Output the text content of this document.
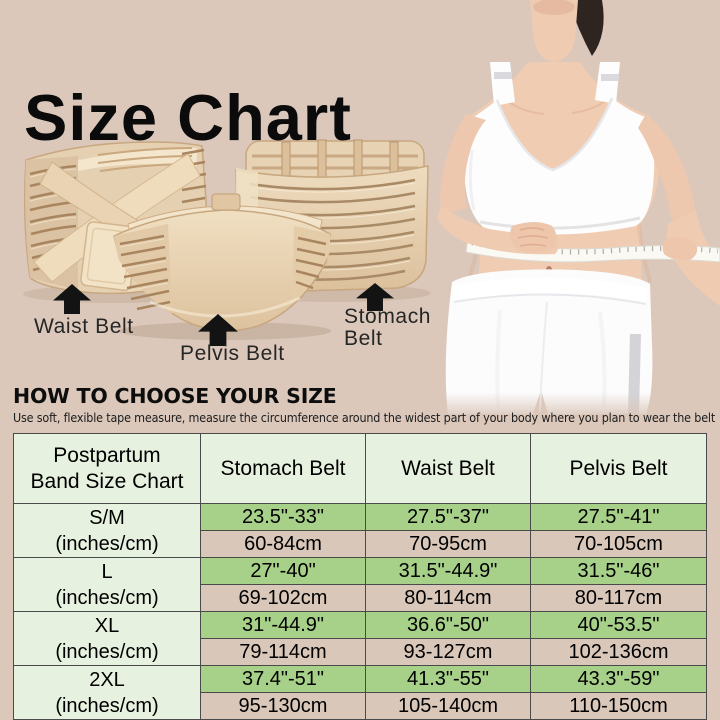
Size Chart
Waist Belt
Pelvis Belt
Stomach Belt
HOW TO CHOOSE YOUR SIZE
Use soft, flexible tape measure, measure the circumference around the widest part of your body where you plan to wear the belt
Postpartum Band Size Chart	Stomach Belt	Waist Belt	Pelvis Belt

S/M
(inches/cm)	23.5"-33"	27.5"-37"	27.5"-41"
	60-84cm	70-95cm	70-105cm

L
(inches/cm)	27"-40"	31.5"-44.9"	31.5"-46"
	69-102cm	80-114cm	80-117cm

XL
(inches/cm)	31"-44.9"	36.6"-50"	40"-53.5"
	79-114cm	93-127cm	102-136cm

2XL
(inches/cm)	37.4"-51"	41.3"-55"	43.3"-59"
	95-130cm	105-140cm	110-150cm
